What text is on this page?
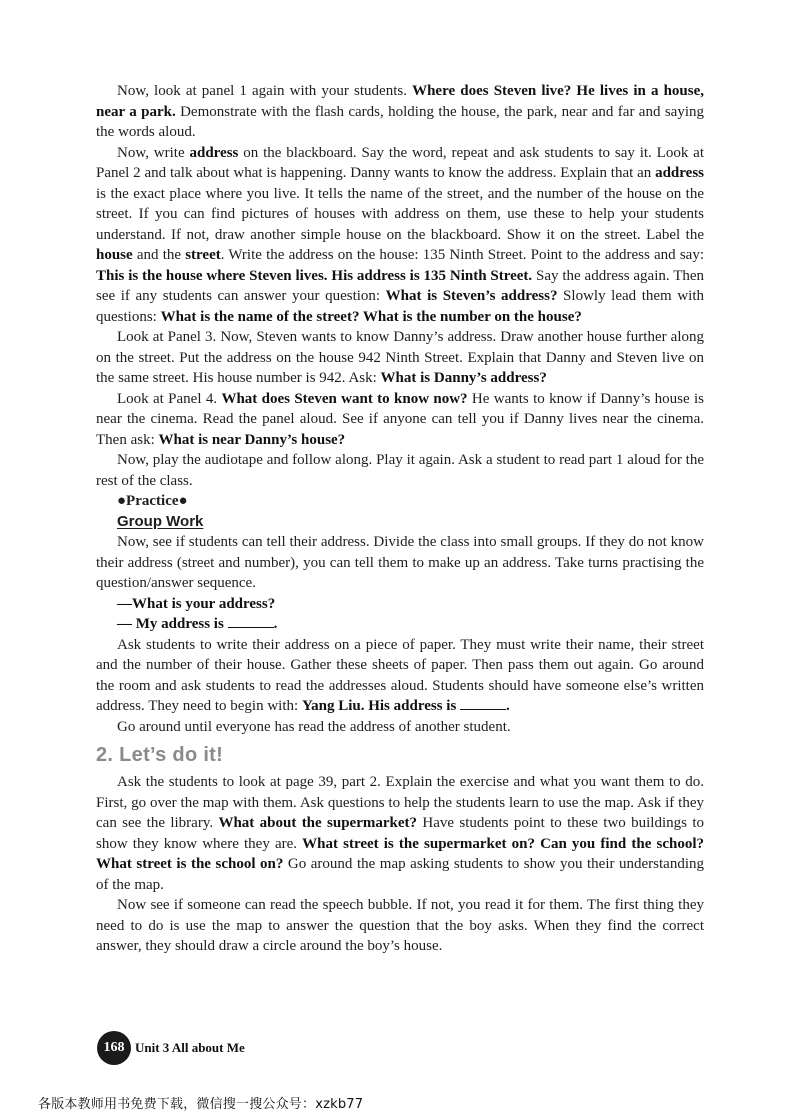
Now, look at panel 1 again with your students. Where does Steven live? He lives in a house, near a park. Demonstrate with the flash cards, holding the house, the park, near and far and saying the words aloud.

Now, write address on the blackboard. Say the word, repeat and ask students to say it. Look at Panel 2 and talk about what is happening. Danny wants to know the address. Explain that an address is the exact place where you live. It tells the name of the street, and the number of the house on the street. If you can find pictures of houses with address on them, use these to help your students understand. If not, draw another simple house on the blackboard. Show it on the street. Label the house and the street. Write the address on the house: 135 Ninth Street. Point to the address and say: This is the house where Steven lives. His address is 135 Ninth Street. Say the address again. Then see if any students can answer your question: What is Steven’s address? Slowly lead them with questions: What is the name of the street? What is the number on the house?

Look at Panel 3. Now, Steven wants to know Danny’s address. Draw another house further along on the street. Put the address on the house 942 Ninth Street. Explain that Danny and Steven live on the same street. His house number is 942. Ask: What is Danny’s address?

Look at Panel 4. What does Steven want to know now? He wants to know if Danny’s house is near the cinema. Read the panel aloud. See if anyone can tell you if Danny lives near the cinema. Then ask: What is near Danny’s house?

Now, play the audiotape and follow along. Play it again. Ask a student to read part 1 aloud for the rest of the class.

●Practice●

Group Work

Now, see if students can tell their address. Divide the class into small groups. If they do not know their address (street and number), you can tell them to make up an address. Take turns practising the question/answer sequence.

—What is your address?

— My address is	.

Ask students to write their address on a piece of paper. They must write their name, their street and the number of their house. Gather these sheets of paper. Then pass them out again. Go around the room and ask students to read the addresses aloud. Students should have someone else’s written address. They need to begin with: Yang Liu. His address is	.

Go around until everyone has read the address of another student.

2. Let’s do it!

Ask the students to look at page 39, part 2. Explain the exercise and what you want them to do. First, go over the map with them. Ask questions to help the students learn to use the map. Ask if they can see the library. What about the supermarket? Have students point to these two buildings to show they know where they are. What street is the supermarket on? Can you find the school? What street is the school on? Go around the map asking students to show you their understanding of the map.

Now see if someone can read the speech bubble. If not, you read it for them. The first thing they need to do is use the map to answer the question that the boy asks. When they find the correct answer, they should draw a circle around the boy’s house.

168 Unit 3 All about Me
各版本教师用书免费下载，微信搜一搜公众号：xzkb77
